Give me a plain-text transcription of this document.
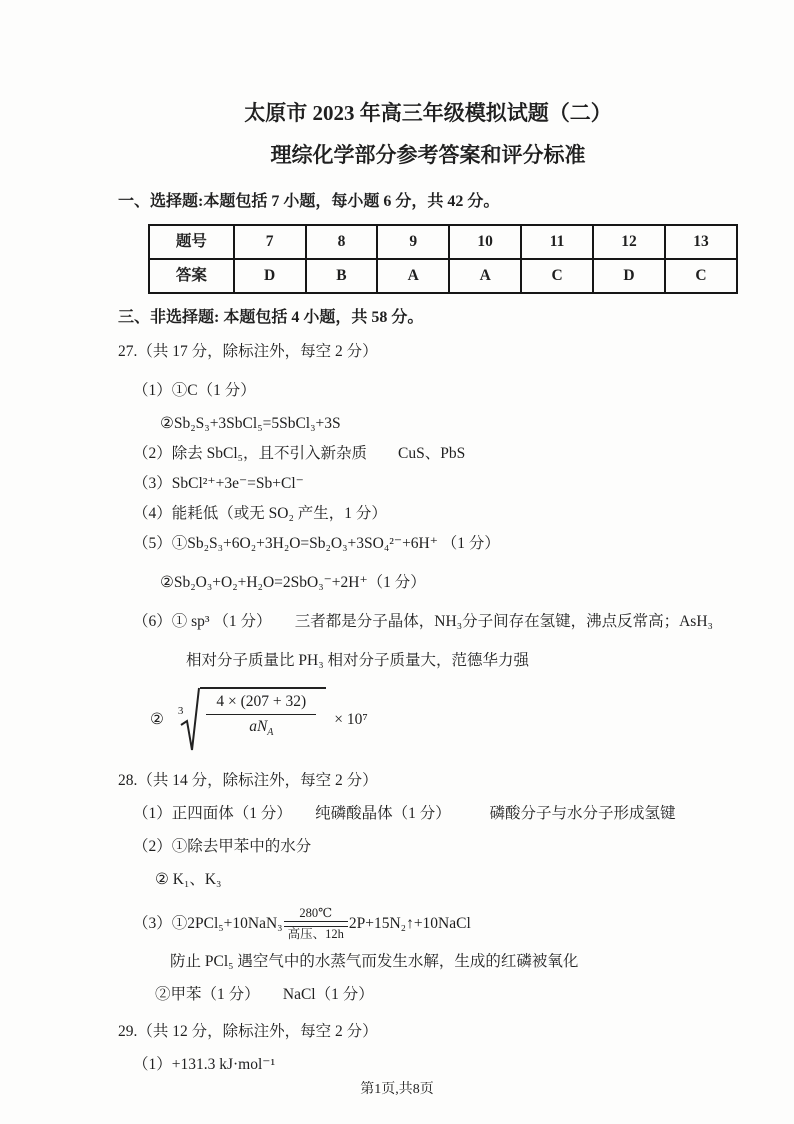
太原市 2023 年高三年级模拟试题（二）
理综化学部分参考答案和评分标准
一、选择题:本题包括 7 小题，每小题 6 分，共 42 分。
题号	7	8	9	10	11	12	13
答案	D	B	A	A	C	D	C
三、非选择题: 本题包括 4 小题，共 58 分。
27.（共 17 分，除标注外，每空 2 分）
（1）①C（1 分）
②Sb₂S₃+3SbCl₅=5SbCl₃+3S
（2）除去 SbCl₅，且不引入新杂质　　CuS、PbS
（3）SbCl²⁺+3e⁻=Sb+Cl⁻
（4）能耗低（或无 SO₂ 产生，1 分）
（5）①Sb₂S₃+6O₂+3H₂O=Sb₂O₃+3SO₄²⁻+6H⁺ （1 分）
②Sb₂O₃+O₂+H₂O=2SbO₃⁻+2H⁺（1 分）
（6）① sp³ （1 分）　　三者都是分子晶体，NH₃分子间存在氢键，沸点反常高；AsH₃
相对分子质量比 PH₃ 相对分子质量大，范德华力强
② $3 \frac{4 \times (207 + 32)}{aN_A} \times 10^7$
28.（共 14 分，除标注外，每空 2 分）
（1）正四面体（1 分）　　纯磷酸晶体（1 分）　　　磷酸分子与水分子形成氢键
（2）①除去甲苯中的水分
② K₁、K₃
（3）①2PCl₅+10NaN₃
280℃
高压、12h
2P+15N₂↑+10NaCl
防止 PCl₅ 遇空气中的水蒸气而发生水解，生成的红磷被氧化
②甲苯（1 分）　　NaCl（1 分）
29.（共 12 分，除标注外，每空 2 分）
（1）+131.3 kJ·mol⁻¹
第1页,共8页
